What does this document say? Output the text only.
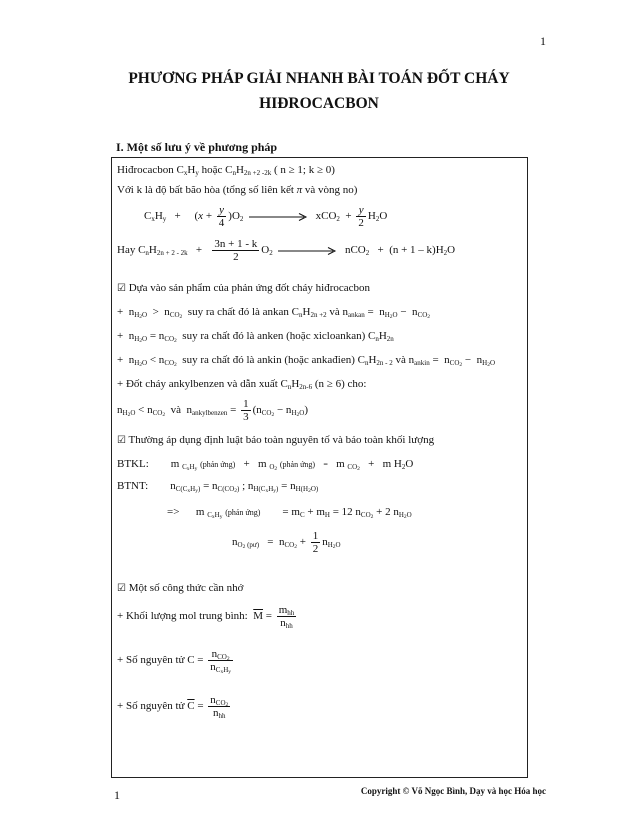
1
PHƯƠNG PHÁP GIẢI NHANH BÀI TOÁN ĐỐT CHÁY
HIĐROCACBON
I. Một số lưu ý về phương pháp
Hiđrocacbon $C_xH_y$ hoặc $C_nH_{2n +2 -2k}$ ( n ≥ 1; k ≥ 0)
Với k là độ bất bão hòa (tổng số liên kết π và vòng no)
$C_xH_y$   +     $(x + \frac{y}{4} )O_2$	$xCO_2 + \frac{y}{2} H_2O$
Hay $C_nH_{2n + 2 - 2k} + \frac{3n + 1 - k}{2} O_2$	$nCO_2 + (n + 1 - k)H_2O$
☑ Dựa vào sản phẩm của phản ứng đốt cháy hiđrocacbon
+  $n_{H_2O} > n_{CO_2}$ suy ra chất đó là ankan $C_nH_{2n +2}$ và $n_{ankan} = n_{H_2O} - n_{CO_2}$
+  $n_{H_2O} = n_{CO_2}$ suy ra chất đó là anken (hoặc xicloankan) $C_nH_{2n}$
+  $n_{H_2O} < n_{CO_2}$ suy ra chất đó là ankin (hoặc ankađien) $C_nH_{2n - 2}$ và $n_{ankin} = n_{CO_2} - n_{H_2O}$
+ Đốt cháy ankylbenzen và dẫn xuất $C_nH_{2n-6}$ (n ≥ 6) cho:
$n_{H_2O} < n_{CO_2}$ và  $n_{ankylbenzen} = \frac{1}{3} (n_{CO_2} - n_{H_2O})$
☑ Thường áp dụng định luật bảo toàn nguyên tố và bảo toàn khối lượng
BTKL:        m $_{C_xH_y}$ (phản ứng)   +   m $_{O_2}$ (phản ứng) =   m $_{CO_2}$   +   m $H_2O$
BTNT:        $n_{C(C_xH_y)} = n_{C(CO_2)}$ ; $n_{H(C_xH_y)} = n_{H(H_2O)}$
=>      m $_{C_xH_y}$ (phản ứng)        = $m_C + m_H = 12$ $n_{CO_2} + 2$ $n_{H_2O}$
$n_{O_2 (pư)} = n_{CO_2} + \frac{1}{2} n_{H_2O}$
☑ Một số công thức cần nhớ
+ Khối lượng mol trung bình: $\overline{M} = \frac{m_{hh}}{n_{hh}}$
+ Số nguyên tử $C = \frac{n_{CO_2}}{n_{C_xH_y}}$
+ Số nguyên tử $\overline{C} = \frac{n_{CO_2}}{n_{hh}}$
1	Copyright © Võ Ngọc Bình, Dạy và học Hóa học
